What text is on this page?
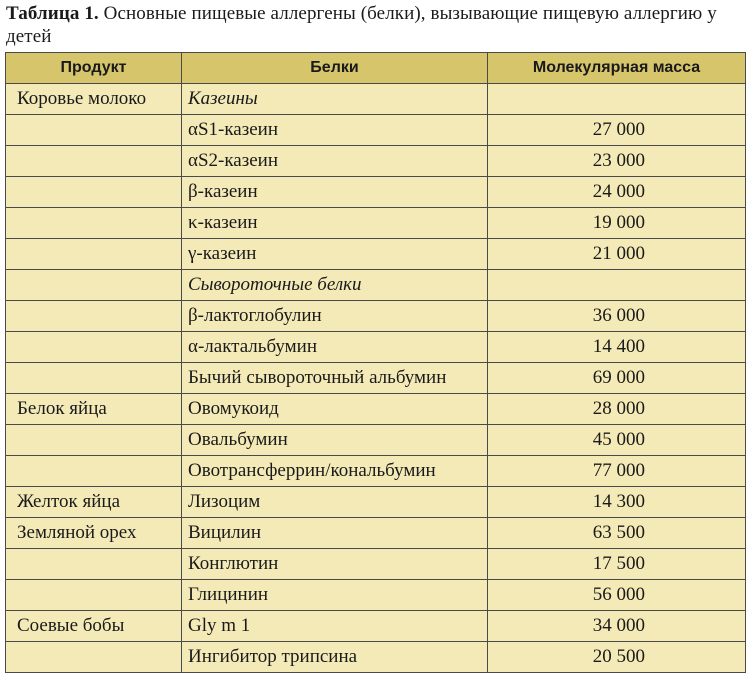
Таблица 1. Основные пищевые аллергены (белки), вызывающие пищевую аллергию у детей
Продукт	Белки	Молекулярная масса
Коровье молоко	Казеины	
	αS1-казеин	27 000
	αS2-казеин	23 000
	β-казеин	24 000
	κ-казеин	19 000
	γ-казеин	21 000
	Сывороточные белки	
	β-лактоглобулин	36 000
	α-лактальбумин	14 400
	Бычий сывороточный альбумин	69 000
Белок яйца	Овомукоид	28 000
	Овальбумин	45 000
	Овотрансферрин/кональбумин	77 000
Желток яйца	Лизоцим	14 300
Земляной орех	Вицилин	63 500
	Конглютин	17 500
	Глицинин	56 000
Соевые бобы	Gly m 1	34 000
	Ингибитор трипсина	20 500
